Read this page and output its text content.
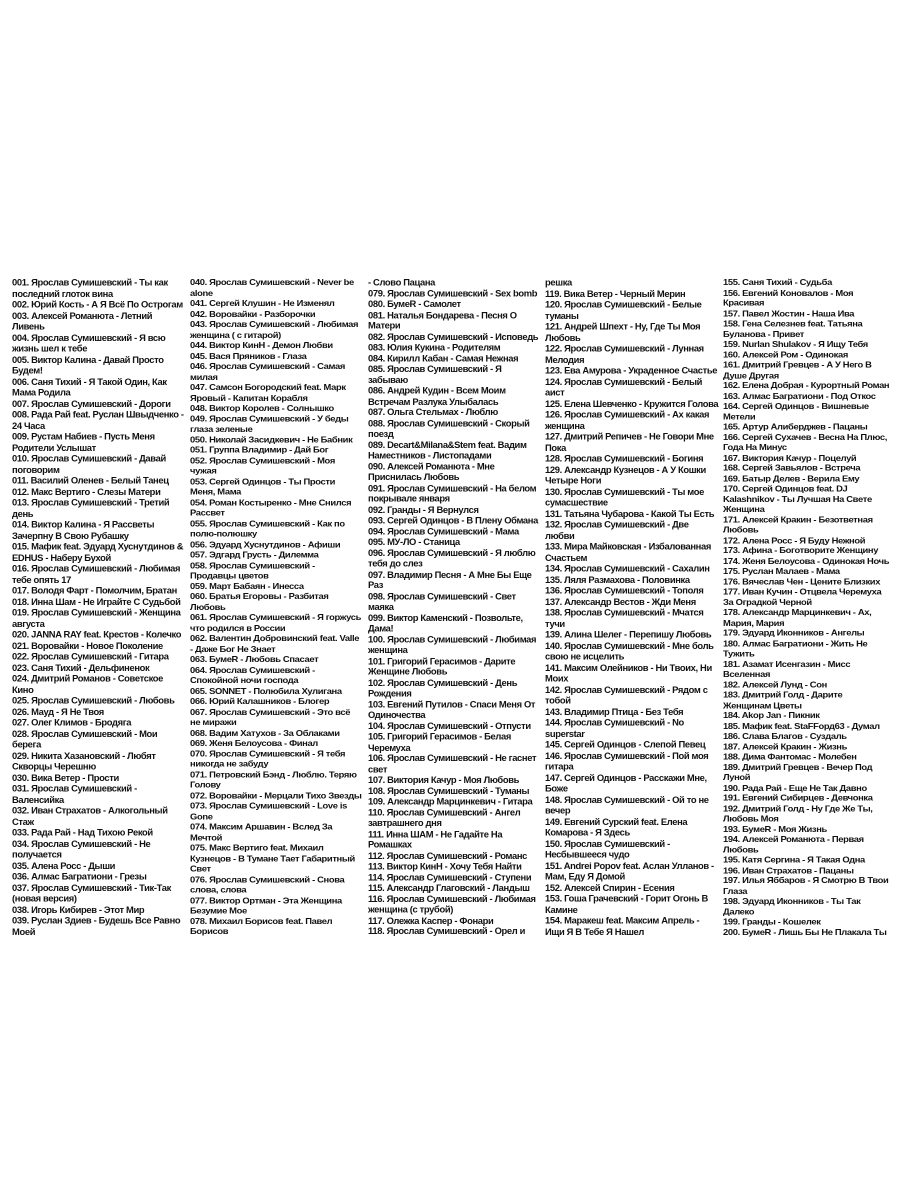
001. Ярослав Сумишевский - Ты как последний глоток вина
002. Юрий Кость - А Я Всё По Острогам
003. Алексей Романюта - Летний Ливень
004. Ярослав Сумишевский - Я всю жизнь шел к тебе
005. Виктор Калина - Давай Просто Будем!
006. Саня Тихий - Я Такой Один, Как Мама Родила
007. Ярослав Сумишевский - Дороги
008. Рада Рай feat. Руслан Швыдченко - 24 Часа
009. Рустам Набиев - Пусть Меня Родители Услышат
010. Ярослав Сумишевский - Давай поговорим
011. Василий Оленев - Белый Танец
012. Макс Вертиго - Слезы Матери
013. Ярослав Сумишевский - Третий день
014. Виктор Калина - Я Рассветы Зачерпну В Свою Рубашку
015. Мафик feat. Эдуард Хуснутдинов & EDHUS - Наберу Бухой
016. Ярослав Сумишевский - Любимая тебе опять 17
017. Володя Фарт - Помолчим, Братан
018. Инна Шам - Не Играйте С Судьбой
019. Ярослав Сумишевский - Женщина августа
020. JANNA RAY feat. Крестов - Колечко
021. Воровайки - Новое Поколение
022. Ярослав Сумишевский - Гитара
023. Саня Тихий - Дельфиненок
024. Дмитрий Романов - Советское Кино
025. Ярослав Сумишевский - Любовь
026. Мауд - Я Не Твоя
027. Олег Климов - Бродяга
028. Ярослав Сумишевский - Мои берега
029. Никита Хазановский - Любят Скворцы Черешню
030. Вика Ветер - Прости
031. Ярослав Сумишевский - Валенсийка
032. Иван Страхатов - Алкогольный Стаж
033. Рада Рай - Над Тихою Рекой
034. Ярослав Сумишевский - Не получается
035. Алена Росс - Дыши
036. Алмас Багратиони - Грезы
037. Ярослав Сумишевский - Тик-Так (новая версия)
038. Игорь Кибирев - Этот Мир
039. Руслан Здиев - Будешь Все Равно Моей
040. Ярослав Сумишевский - Never be alone
041. Сергей Клушин - Не Изменял
042. Воровайки - Разборочки
043. Ярослав Сумишевский - Любимая женщина ( с гитарой)
044. Виктор КинН - Демон Любви
045. Вася Пряников - Глаза
046. Ярослав Сумишевский - Самая милая
047. Самсон Богородский feat. Марк Яровый - Капитан Корабля
048. Виктор Королев - Солнышко
049. Ярослав Сумишевский - У беды глаза зеленые
050. Николай Засидкевич - Не Бабник
051. Группа Владимир - Дай Бог
052. Ярослав Сумишевский - Моя чужая
053. Сергей Одинцов - Ты Прости Меня, Мама
054. Роман Костыренко - Мне Снился Рассвет
055. Ярослав Сумишевский - Как по полю-полюшку
056. Эдуард Хуснутдинов - Афиши
057. Эдгард Грусть - Дилемма
058. Ярослав Сумишевский - Продавцы цветов
059. Март Бабаян - Инесса
060. Братья Егоровы - Разбитая Любовь
061. Ярослав Сумишевский - Я горжусь что родился в России
062. Валентин Добровинский feat. Valle - Даже Бог Не Знает
063. БумеR - Любовь Спасает
064. Ярослав Сумишевский - Спокойной ночи господа
065. SONNET - Полюбила Хулигана
066. Юрий Калашников - Блогер
067. Ярослав Сумишевский - Это всё не миражи
068. Вадим Хатухов - За Облаками
069. Женя Белоусова - Финал
070. Ярослав Сумишевский - Я тебя никогда не забуду
071. Петровский Бэнд - Люблю. Теряю Голову
072. Воровайки - Мерцали Тихо Звезды
073. Ярослав Сумишевский - Love is Gone
074. Максим Аршавин - Вслед За Мечтой
075. Макс Вертиго feat. Михаил Кузнецов - В Тумане Тает Габаритный Свет
076. Ярослав Сумишевский - Снова слова, слова
077. Виктор Ортман - Эта Женщина Безумие Мое
078. Михаил Борисов feat. Павел Борисов
- Слово Пацана
079. Ярослав Сумишевский - Sex bomb
080. БумеR - Самолет
081. Наталья Бондарева - Песня О Матери
082. Ярослав Сумишевский - Исповедь
083. Юлия Кукина - Родителям
084. Кирилл Кабан - Самая Нежная
085. Ярослав Сумишевский - Я забываю
086. Андрей Кудин - Всем Моим Встречам Разлука Улыбалась
087. Ольга Стельмах - Люблю
088. Ярослав Сумишевский - Скорый поезд
089. Decart&Milana&Stem feat. Вадим Наместников - Листопадами
090. Алексей Романюта - Мне Приснилась Любовь
091. Ярослав Сумишевский - На белом покрывале января
092. Гранды - Я Вернулся
093. Сергей Одинцов - В Плену Обмана
094. Ярослав Сумишевский - Мама
095. МУ-ЛО - Станица
096. Ярослав Сумишевский - Я люблю тебя до слез
097. Владимир Песня - А Мне Бы Еще Раз
098. Ярослав Сумишевский - Свет маяка
099. Виктор Каменский - Позвольте, Дама!
100. Ярослав Сумишевский - Любимая женщина
101. Григорий Герасимов - Дарите Женщине Любовь
102. Ярослав Сумишевский - День Рождения
103. Евгений Путилов - Спаси Меня От Одиночества
104. Ярослав Сумишевский - Отпусти
105. Григорий Герасимов - Белая Черемуха
106. Ярослав Сумишевский - Не гаснет свет
107. Виктория Качур - Моя Любовь
108. Ярослав Сумишевский - Туманы
109. Александр Марцинкевич - Гитара
110. Ярослав Сумишевский - Ангел завтрашнего дня
111. Инна ШАМ - Не Гадайте На Ромашках
112. Ярослав Сумишевский - Романс
113. Виктор КинН - Хочу Тебя Найти
114. Ярослав Сумишевский - Ступени
115. Александр Глаговский - Ландыш
116. Ярослав Сумишевский - Любимая женщина (с трубой)
117. Олежка Каспер - Фонари
118. Ярослав Сумишевский - Орел и
решка
119. Вика Ветер - Черный Мерин
120. Ярослав Сумишевский - Белые туманы
121. Андрей Шпехт - Ну, Где Ты Моя Любовь
122. Ярослав Сумишевский - Лунная Мелодия
123. Ева Амурова - Украденное Счастье
124. Ярослав Сумишевский - Белый аист
125. Елена Шевченко - Кружится Голова
126. Ярослав Сумишевский - Ах какая женщина
127. Дмитрий Репичев - Не Говори Мне Пока
128. Ярослав Сумишевский - Богиня
129. Александр Кузнецов - А У Кошки Четыре Ноги
130. Ярослав Сумишевский - Ты мое сумасшествие
131. Татьяна Чубарова - Какой Ты Есть
132. Ярослав Сумишевский - Две любви
133. Мира Майковская - Избалованная Счастьем
134. Ярослав Сумишевский - Сахалин
135. Ляля Размахова - Половинка
136. Ярослав Сумишевский - Тополя
137. Александр Вестов - Жди Меня
138. Ярослав Сумишевский - Мчатся тучи
139. Алина Шелег - Перепишу Любовь
140. Ярослав Сумишевский - Мне боль свою не исцелить
141. Максим Олейников - Ни Твоих, Ни Моих
142. Ярослав Сумишевский - Рядом с тобой
143. Владимир Птица - Без Тебя
144. Ярослав Сумишевский - No superstar
145. Сергей Одинцов - Слепой Певец
146. Ярослав Сумишевский - Пой моя гитара
147. Сергей Одинцов - Расскажи Мне, Боже
148. Ярослав Сумишевский - Ой то не вечер
149. Евгений Сурский feat. Елена Комарова - Я Здесь
150. Ярослав Сумишевский - Несбывшееся чудо
151. Andrei Popov feat. Аслан Улланов - Мам, Еду Я Домой
152. Алексей Спирин - Есения
153. Гоша Грачевский - Горит Огонь В Камине
154. Маракеш feat. Максим Апрель - Ищи Я В Тебе Я Нашел
155. Саня Тихий - Судьба
156. Евгений Коновалов - Моя Красивая
157. Павел Жостин - Наша Ива
158. Гена Селезнев feat. Татьяна Буланова - Привет
159. Nurlan Shulakov - Я Ищу Тебя
160. Алексей Ром - Одинокая
161. Дмитрий Гревцев - А У Него В Душе Другая
162. Елена Добрая - Курортный Роман
163. Алмас Багратиони - Под Откос
164. Сергей Одинцов - Вишневые Метели
165. Артур Алиберджев - Пацаны
166. Сергей Сухачев - Весна На Плюс, Года На Минус
167. Виктория Качур - Поцелуй
168. Сергей Завьялов - Встреча
169. Батыр Делев - Верила Ему
170. Сергей Одинцов feat. DJ Kalashnikov - Ты Лучшая На Свете Женщина
171. Алексей Кракин - Безответная Любовь
172. Алена Росс - Я Буду Нежной
173. Афина - Боготворите Женщину
174. Женя Белоусова - Одинокая Ночь
175. Руслан Малаев - Мама
176. Вячеслав Чен - Цените Близких
177. Иван Кучин - Отцвела Черемуха За Оградкой Черной
178. Александр Марцинкевич - Ах, Мария, Мария
179. Эдуард Иконников - Ангелы
180. Алмас Багратиони - Жить Не Тужить
181. Азамат Исенгазин - Мисс Вселенная
182. Алексей Лунд - Сон
183. Дмитрий Голд - Дарите Женщинам Цветы
184. Akop Jan - Пикник
185. Мафик feat. StaFFорд63 - Думал
186. Слава Благов - Суздаль
187. Алексей Кракин - Жизнь
188. Дима Фантомас - Молебен
189. Дмитрий Гревцев - Вечер Под Луной
190. Рада Рай - Еще Не Так Давно
191. Евгений Сибирцев - Девчонка
192. Дмитрий Голд - Ну Где Же Ты, Любовь Моя
193. БумеR - Моя Жизнь
194. Алексей Романюта - Первая Любовь
195. Катя Сергина - Я Такая Одна
196. Иван Страхатов - Пацаны
197. Илья Яббаров - Я Смотрю В Твои Глаза
198. Эдуард Иконников - Ты Так Далеко
199. Гранды - Кошелек
200. БумеR - Лишь Бы Не Плакала Ты
